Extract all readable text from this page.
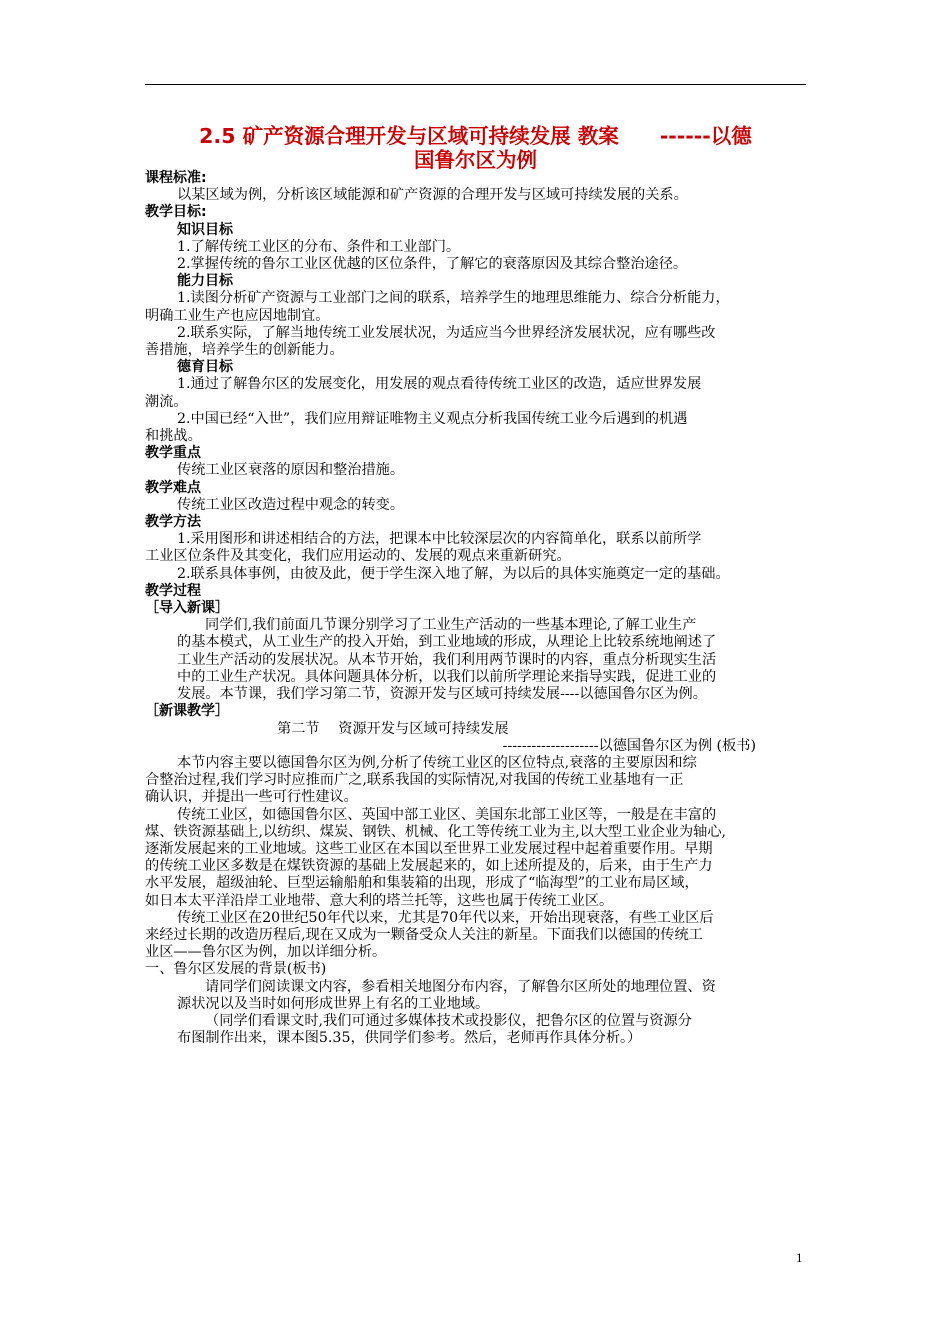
2.5 矿产资源合理开发与区域可持续发展 教案　　------以德
国鲁尔区为例

课程标准:

以某区域为例，分析该区域能源和矿产资源的合理开发与区域可持续发展的关系。

教学目标:

知识目标

1.了解传统工业区的分布、条件和工业部门。

2.掌握传统的鲁尔工业区优越的区位条件，了解它的衰落原因及其综合整治途径。

能力目标

1.读图分析矿产资源与工业部门之间的联系，培养学生的地理思维能力、综合分析能力，

明确工业生产也应因地制宜。

2.联系实际，了解当地传统工业发展状况，为适应当今世界经济发展状况，应有哪些改

善措施，培养学生的创新能力。

德育目标

1.通过了解鲁尔区的发展变化，用发展的观点看待传统工业区的改造，适应世界发展

潮流。

2.中国已经“入世”，我们应用辩证唯物主义观点分析我国传统工业今后遇到的机遇

和挑战。

教学重点

传统工业区衰落的原因和整治措施。

教学难点

传统工业区改造过程中观念的转变。

教学方法

1.采用图形和讲述相结合的方法，把课本中比较深层次的内容简单化，联系以前所学

工业区位条件及其变化，我们应用运动的、发展的观点来重新研究。

2.联系具体事例，由彼及此，便于学生深入地了解，为以后的具体实施奠定一定的基础。

教学过程

［导入新课］

同学们,我们前面几节课分别学习了工业生产活动的一些基本理论,了解工业生产

的基本模式，从工业生产的投入开始，到工业地域的形成，从理论上比较系统地阐述了

工业生产活动的发展状况。从本节开始，我们利用两节课时的内容，重点分析现实生活

中的工业生产状况。具体问题具体分析，以我们以前所学理论来指导实践，促进工业的

发展。本节课，我们学习第二节，资源开发与区域可持续发展----以德国鲁尔区为例。

［新课教学］

第二节　 资源开发与区域可持续发展

--------------------以德国鲁尔区为例 (板书)

本节内容主要以德国鲁尔区为例,分析了传统工业区的区位特点,衰落的主要原因和综

合整治过程,我们学习时应推而广之,联系我国的实际情况,对我国的传统工业基地有一正

确认识，并提出一些可行性建议。

传统工业区，如德国鲁尔区、英国中部工业区、美国东北部工业区等，一般是在丰富的

煤、铁资源基础上,以纺织、煤炭、钢铁、机械、化工等传统工业为主,以大型工业企业为轴心,

逐渐发展起来的工业地域。这些工业区在本国以至世界工业发展过程中起着重要作用。早期

的传统工业区多数是在煤铁资源的基础上发展起来的，如上述所提及的，后来，由于生产力

水平发展，超级油轮、巨型运输船舶和集装箱的出现，形成了“临海型”的工业布局区域，

如日本太平洋沿岸工业地带、意大利的塔兰托等，这些也属于传统工业区。

传统工业区在20世纪50年代以来，尤其是70年代以来，开始出现衰落，有些工业区后

来经过长期的改造历程后,现在又成为一颗备受众人关注的新星。下面我们以德国的传统工

业区——鲁尔区为例，加以详细分析。

一、鲁尔区发展的背景(板书)

请同学们阅读课文内容，参看相关地图分布内容，了解鲁尔区所处的地理位置、资

源状况以及当时如何形成世界上有名的工业地域。

（同学们看课文时,我们可通过多媒体技术或投影仪，把鲁尔区的位置与资源分

布图制作出来，课本图5.35，供同学们参考。然后，老师再作具体分析。）

1
